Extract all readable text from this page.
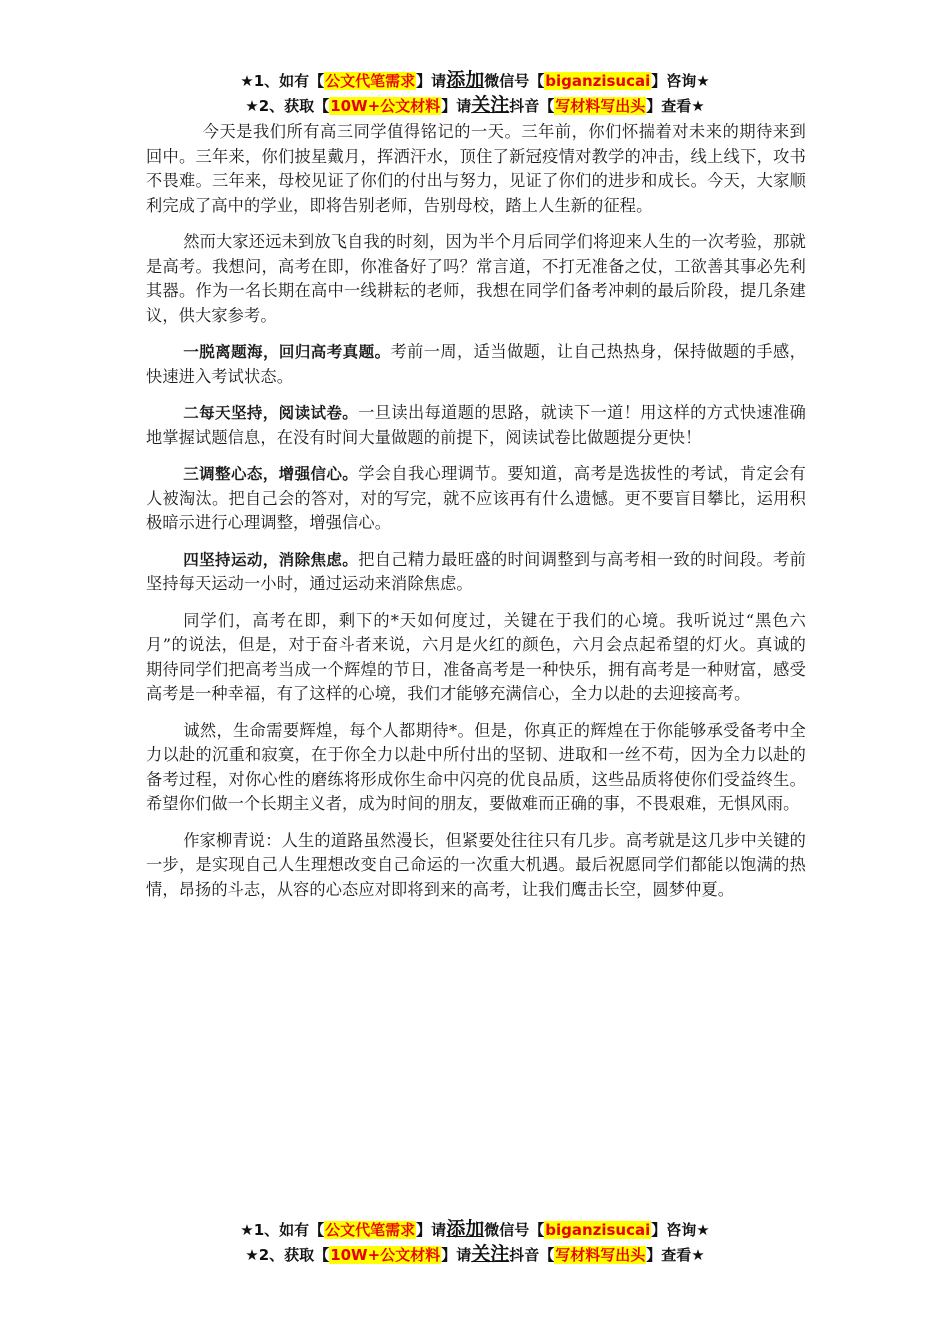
★1、如有【公文代笔需求】请添加微信号【biganzisucai】咨询★
★2、获取【10W+公文材料】请关注抖音【写材料写出头】查看★

今天是我们所有高三同学值得铭记的一天。三年前，你们怀揣着对未来的期待来到回中。三年来，你们披星戴月，挥洒汗水，顶住了新冠疫情对教学的冲击，线上线下，攻书不畏难。三年来，母校见证了你们的付出与努力，见证了你们的进步和成长。今天，大家顺利完成了高中的学业，即将告别老师，告别母校，踏上人生新的征程。

然而大家还远未到放飞自我的时刻，因为半个月后同学们将迎来人生的一次考验，那就是高考。我想问，高考在即，你准备好了吗？常言道，不打无准备之仗，工欲善其事必先利其器。作为一名长期在高中一线耕耘的老师，我想在同学们备考冲刺的最后阶段，提几条建议，供大家参考。

一脱离题海，回归高考真题。考前一周，适当做题，让自己热热身，保持做题的手感，快速进入考试状态。

二每天坚持，阅读试卷。一旦读出每道题的思路，就读下一道！用这样的方式快速准确地掌握试题信息，在没有时间大量做题的前提下，阅读试卷比做题提分更快！

三调整心态，增强信心。学会自我心理调节。要知道，高考是选拔性的考试，肯定会有人被淘汰。把自己会的答对，对的写完，就不应该再有什么遗憾。更不要盲目攀比，运用积极暗示进行心理调整，增强信心。

四坚持运动，消除焦虑。把自己精力最旺盛的时间调整到与高考相一致的时间段。考前坚持每天运动一小时，通过运动来消除焦虑。

同学们，高考在即，剩下的*天如何度过，关键在于我们的心境。我听说过“黑色六月”的说法，但是，对于奋斗者来说，六月是火红的颜色，六月会点起希望的灯火。真诚的期待同学们把高考当成一个辉煌的节日，准备高考是一种快乐，拥有高考是一种财富，感受高考是一种幸福，有了这样的心境，我们才能够充满信心，全力以赴的去迎接高考。

诚然，生命需要辉煌，每个人都期待*。但是，你真正的辉煌在于你能够承受备考中全力以赴的沉重和寂寞，在于你全力以赴中所付出的坚韧、进取和一丝不苟，因为全力以赴的备考过程，对你心性的磨练将形成你生命中闪亮的优良品质，这些品质将使你们受益终生。希望你们做一个长期主义者，成为时间的朋友，要做难而正确的事，不畏艰难，无惧风雨。

作家柳青说：人生的道路虽然漫长，但紧要处往往只有几步。高考就是这几步中关键的一步，是实现自己人生理想改变自己命运的一次重大机遇。最后祝愿同学们都能以饱满的热情，昂扬的斗志，从容的心态应对即将到来的高考，让我们鹰击长空，圆梦仲夏。

★1、如有【公文代笔需求】请添加微信号【biganzisucai】咨询★
★2、获取【10W+公文材料】请关注抖音【写材料写出头】查看★
